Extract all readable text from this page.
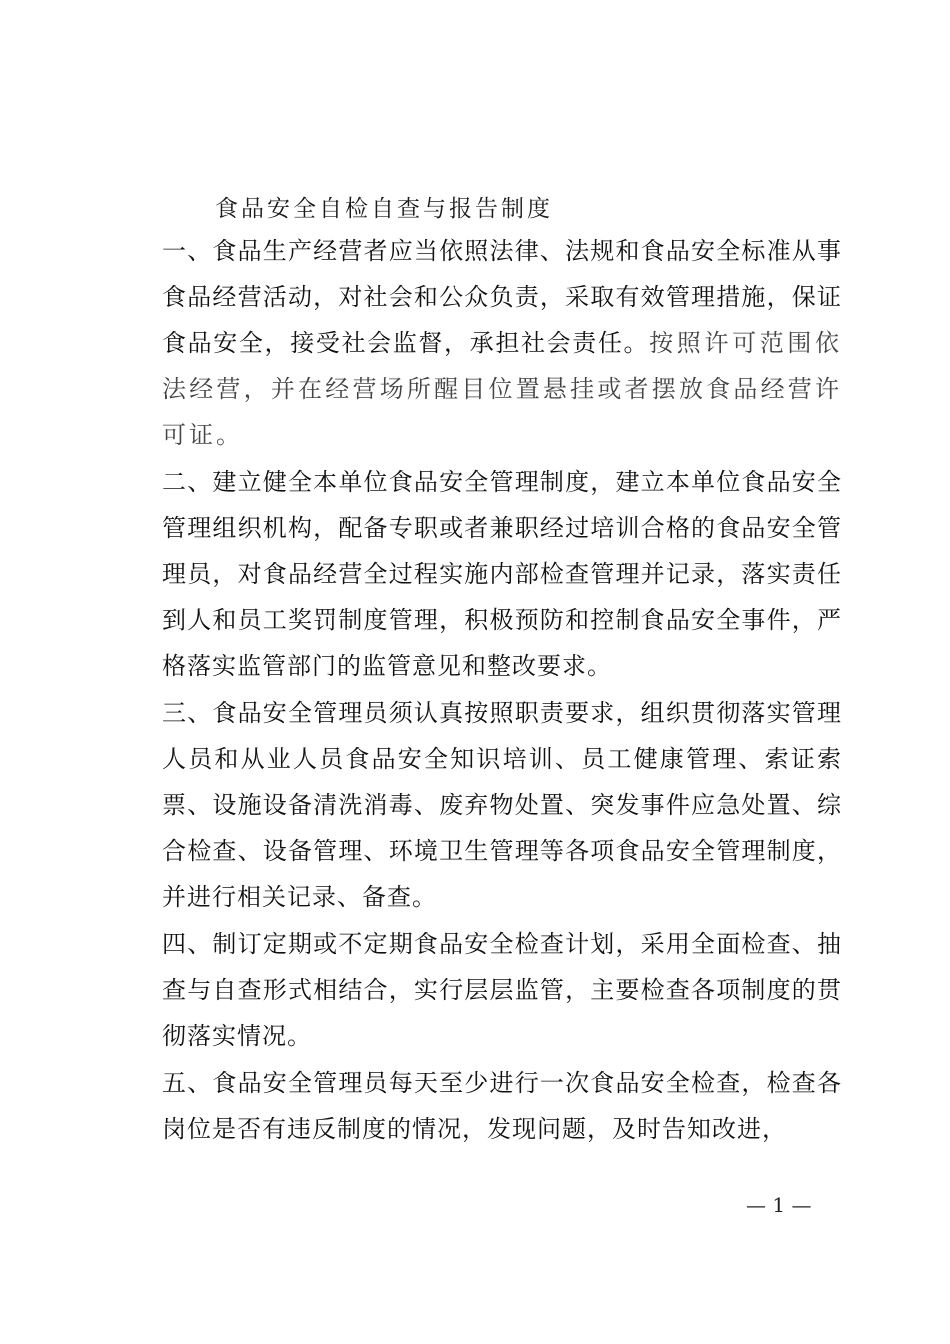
食品安全自检自查与报告制度

一、食品生产经营者应当依照法律、法规和食品安全标准从事食品经营活动，对社会和公众负责，采取有效管理措施，保证食品安全，接受社会监督，承担社会责任。按照许可范围依法经营，并在经营场所醒目位置悬挂或者摆放食品经营许可证。

二、建立健全本单位食品安全管理制度，建立本单位食品安全管理组织机构，配备专职或者兼职经过培训合格的食品安全管理员，对食品经营全过程实施内部检查管理并记录，落实责任到人和员工奖罚制度管理，积极预防和控制食品安全事件，严格落实监管部门的监管意见和整改要求。

三、食品安全管理员须认真按照职责要求，组织贯彻落实管理人员和从业人员食品安全知识培训、员工健康管理、索证索票、设施设备清洗消毒、废弃物处置、突发事件应急处置、综合检查、设备管理、环境卫生管理等各项食品安全管理制度，并进行相关记录、备查。

四、制订定期或不定期食品安全检查计划，采用全面检查、抽查与自查形式相结合，实行层层监管，主要检查各项制度的贯彻落实情况。

五、食品安全管理员每天至少进行一次食品安全检查，检查各岗位是否有违反制度的情况，发现问题，及时告知改进，

— 1 —
